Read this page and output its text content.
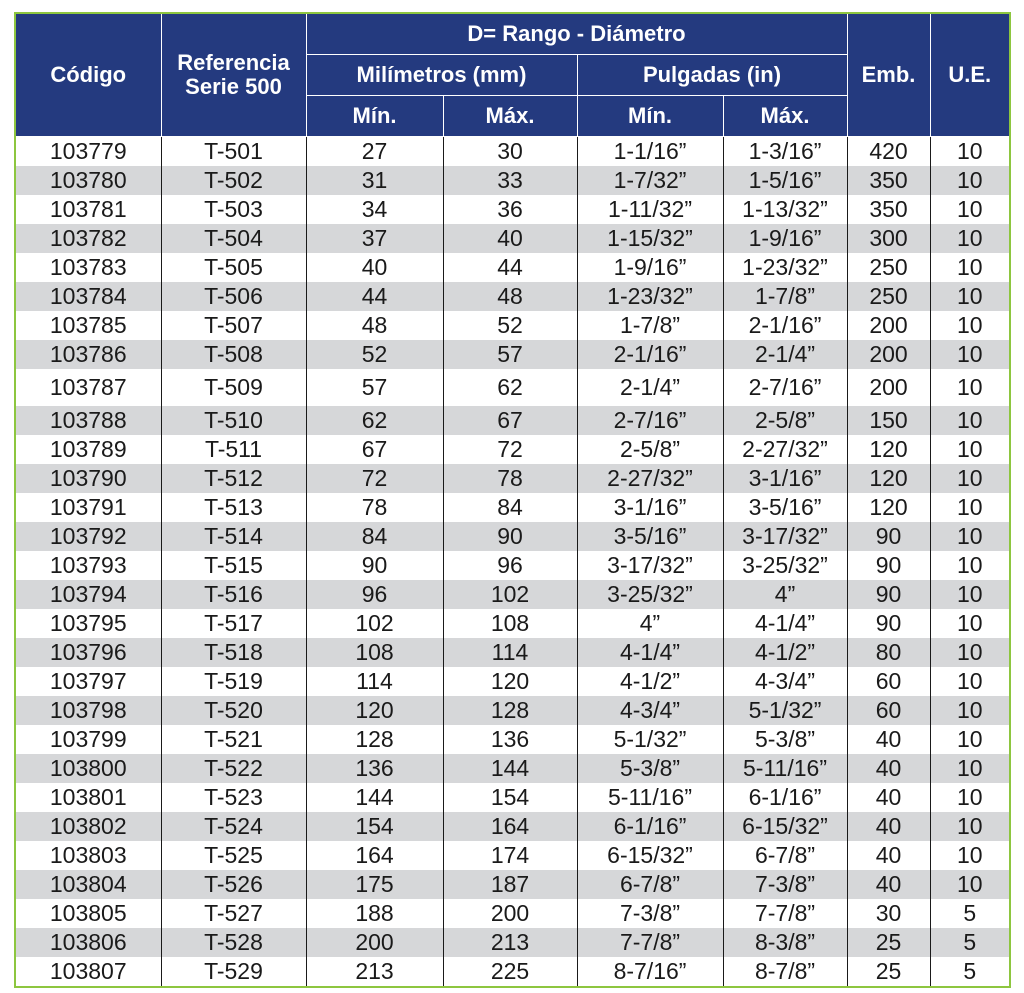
Código	Referencia Serie 500	D= Rango - Diámetro				Emb.	U.E.
		Milímetros (mm)		Pulgadas (in)			
		Mín.	Máx.	Mín.	Máx.		
103779	T-501	27	30	1-1/16”	1-3/16”	420	10
103780	T-502	31	33	1-7/32”	1-5/16”	350	10
103781	T-503	34	36	1-11/32”	1-13/32”	350	10
103782	T-504	37	40	1-15/32”	1-9/16”	300	10
103783	T-505	40	44	1-9/16”	1-23/32”	250	10
103784	T-506	44	48	1-23/32”	1-7/8”	250	10
103785	T-507	48	52	1-7/8”	2-1/16”	200	10
103786	T-508	52	57	2-1/16”	2-1/4”	200	10
103787	T-509	57	62	2-1/4”	2-7/16”	200	10
103788	T-510	62	67	2-7/16”	2-5/8”	150	10
103789	T-511	67	72	2-5/8”	2-27/32”	120	10
103790	T-512	72	78	2-27/32”	3-1/16”	120	10
103791	T-513	78	84	3-1/16”	3-5/16”	120	10
103792	T-514	84	90	3-5/16”	3-17/32”	90	10
103793	T-515	90	96	3-17/32”	3-25/32”	90	10
103794	T-516	96	102	3-25/32”	4”	90	10
103795	T-517	102	108	4”	4-1/4”	90	10
103796	T-518	108	114	4-1/4”	4-1/2”	80	10
103797	T-519	114	120	4-1/2”	4-3/4”	60	10
103798	T-520	120	128	4-3/4”	5-1/32”	60	10
103799	T-521	128	136	5-1/32”	5-3/8”	40	10
103800	T-522	136	144	5-3/8”	5-11/16”	40	10
103801	T-523	144	154	5-11/16”	6-1/16”	40	10
103802	T-524	154	164	6-1/16”	6-15/32”	40	10
103803	T-525	164	174	6-15/32”	6-7/8”	40	10
103804	T-526	175	187	6-7/8”	7-3/8”	40	10
103805	T-527	188	200	7-3/8”	7-7/8”	30	5
103806	T-528	200	213	7-7/8”	8-3/8”	25	5
103807	T-529	213	225	8-7/16”	8-7/8”	25	5
